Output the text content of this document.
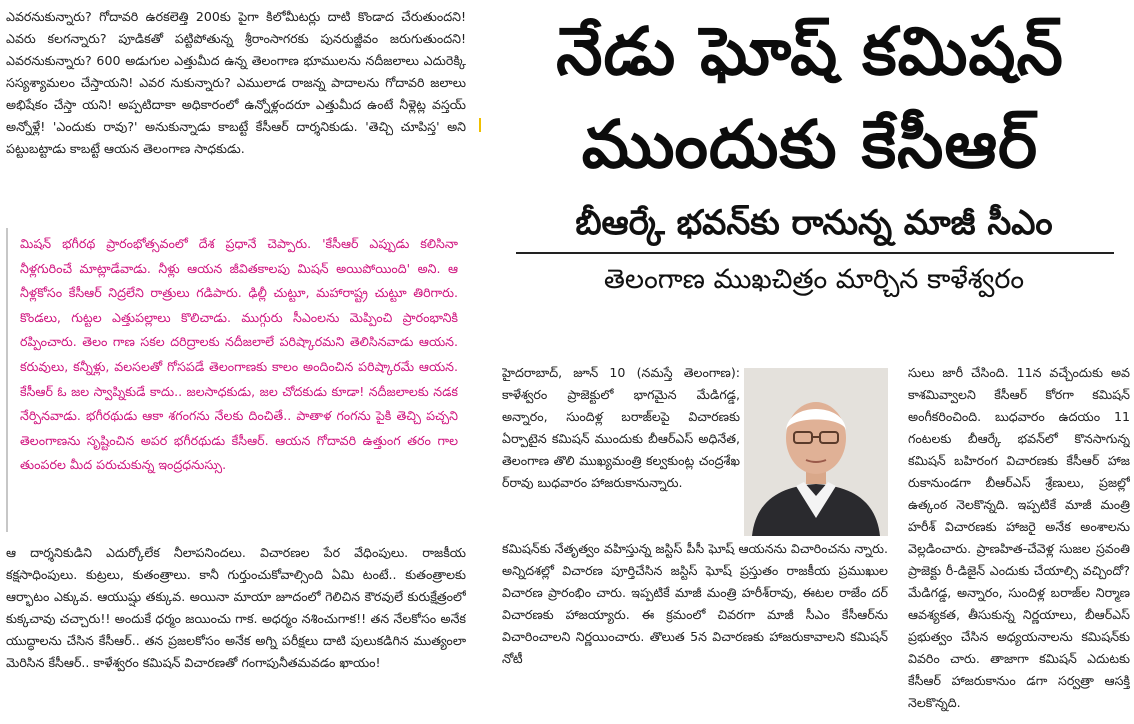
ఎవరనుకున్నారు? గోదావరి ఉరకలెత్తి 200కు పైగా కిలోమీటర్లు దాటి కొండాద చేరుతుందని! ఎవరు కలగన్నారు? పూడికతో పట్టిపోతున్న శ్రీరాంసాగరకు పునరుజ్జీవం జరుగుతుందని! ఎవరనుకున్నారు? 600 అడుగుల ఎత్తుమీద ఉన్న తెలంగాణ భూములను నదీజలాలు ఎదురెక్కి సస్యశ్యామలం చేస్తాయని! ఎవర నుకున్నారు? ఎములాడ రాజన్న పాదాలను గోదావరి జలాలు అభిషేకం చేస్తా యని! అప్పటిదాకా అధికారంలో ఉన్నోళ్లందరూ ఎత్తుమీద ఉంటే నీళ్లెట్ల వస్తయ్ అన్నోళ్లే! 'ఎందుకు రావు?' అనుకున్నాడు కాబట్టే కేసీఆర్ దార్శనికుడు. 'తెచ్చి చూపిస్త' అని పట్టుబట్టాడు కాబట్టే ఆయన తెలంగాణ సాధకుడు.

మిషన్ భగీరథ ప్రారంభోత్సవంలో దేశ ప్రధానే చెప్పారు. 'కేసీఆర్ ఎప్పుడు కలిసినా నీళ్లగురించే మాట్లాడేవాడు. నీళ్లు ఆయన జీవితకాలపు మిషన్ అయిపోయింది' అని. ఆ నీళ్లకోసం కేసీఆర్ నిద్రలేని రాత్రులు గడిపారు. ఢిల్లీ చుట్టూ, మహారాష్ట్ర చుట్టూ తిరిగారు. కొండలు, గుట్టల ఎత్తుపల్లాలు కొలిచాడు. ముగ్గురు సీఎంలను మెప్పించి ప్రారంభానికి రప్పించారు. తెలం గాణ సకల దరిద్రాలకు నదీజలాలే పరిష్కారమని తెలిసినవాడు ఆయన. కరువులు, కన్నీళ్లు, వలసలతో గోసపడే తెలంగాణకు కాలం అందించిన పరిష్కారమే ఆయన. కేసీఆర్ ఓ జల స్వాప్నికుడే కాదు.. జలసాధకుడు, జల చోదకుడు కూడా! నదీజలాలకు నడక నేర్పినవాడు. భగీరథుడు ఆకా శగంగను నేలకు దించితే.. పాతాళ గంగను పైకి తెచ్చి పచ్చని తెలంగాణను సృష్టించిన అపర భగీరథుడు కేసీఆర్. ఆయన గోదావరి ఉత్తుంగ తరం గాల తుంపరల మీద పరుచుకున్న ఇంద్రధనుస్సు.

ఆ దార్శనికుడిని ఎదుర్కోలేక నీలాపనిందలు. విచారణల పేర వేధింపులు. రాజకీయ కక్షసాధింపులు. కుట్రలు, కుతంత్రాలు. కానీ గుర్తుంచుకోవాల్సింది ఏమి టంటే.. కుతంత్రాలకు ఆర్భాటం ఎక్కువ. ఆయుష్షు తక్కువ. అయినా మాయా జూదంలో గెలిచిన కౌరవులే కురుక్షేత్రంలో కుక్కచావు చచ్చారు!! అందుకే ధర్మం జయించు గాక. అధర్మం నశించుగాక!! తన నేలకోసం అనేక యుద్ధాలను చేసిన కేసీఆర్.. తన ప్రజలకోసం అనేక అగ్ని పరీక్షలు దాటి పులుకడిగిన ముత్యంలా మెరిసిన కేసీఆర్.. కాళేశ్వరం కమిషన్ విచారణతో గంగాపునీతమవడం ఖాయం!

నేడు ఘోష్ కమిషన్
ముందుకు కేసీఆర్
బీఆర్కే భవన్‌కు రానున్న మాజీ సీఎం
తెలంగాణ ముఖచిత్రం మార్చిన కాళేశ్వరం
హైదరాబాద్, జూన్ 10 (నమస్తే తెలంగాణ): కాళేశ్వరం ప్రాజెక్టులో భాగమైన మేడిగడ్డ, అన్నారం, సుందిళ్ల బరాజ్‌లపై విచారణకు ఏర్పాటైన కమిషన్ ముందుకు బీఆర్‌ఎస్ అధినేత, తెలంగాణ తొలి ముఖ్యమంత్రి కల్వకుంట్ల చంద్రశేఖ ర్‌రావు బుధవారం హాజరుకానున్నారు.
కమిషన్‌కు నేతృత్వం వహిస్తున్న జస్టిస్ పీసీ ఘోష్ ఆయనను విచారించను న్నారు. అన్నిదశల్లో విచారణ పూర్తిచేసిన జస్టిస్ ఘోష్ ప్రస్తుతం రాజకీయ ప్రముఖుల విచారణ ప్రారంభిం చారు. ఇప్పటికే మాజీ మంత్రి హరీశ్‌రావు, ఈటల రాజేం దర్ విచారణకు హాజయ్యారు. ఈ క్రమంలో చివరగా మాజీ సీఎం కేసీఆర్‌ను విచారించాలని నిర్ణయించారు. తొలుత 5న విచారణకు హాజరుకావాలని కమిషన్ నోటీ
సులు జారీ చేసింది. 11న వచ్చేందుకు అవ కాశమివ్వాలని కేసీఆర్ కోరగా కమిషన్ అంగీకరించింది. బుధవారం ఉదయం 11 గంటలకు బీఆర్కే భవన్‌లో కొనసాగున్న కమిషన్ బహిరంగ విచారణకు కేసీఆర్ హాజ రుకానుండగా బీఆర్‌ఎస్ శ్రేణులు, ప్రజల్లో ఉత్కంఠ నెలకొన్నది. ఇప్పటికే మాజీ మంత్రి హరీశ్ విచారణకు హాజరై అనేక అంశాలను వెల్లడించారు. ప్రాణహిత-చేవెళ్ల సుజల స్రవంతి ప్రాజెక్టు రీ-డిజైన్ ఎందుకు చేయాల్సి వచ్చిందో? మేడిగడ్డ, అన్నారం, సుందిళ్ల బరాజ్‌ల నిర్మాణ ఆవశ్యకత, తీసుకున్న నిర్ణయాలు, బీఆర్‌ఎస్ ప్రభుత్వం చేసిన అధ్యయనాలను కమిషన్‌కు వివరిం చారు. తాజాగా కమిషన్ ఎదుటకు కేసీఆర్ హాజరుకానుం డగా సర్వత్రా ఆసక్తి నెలకొన్నది.
